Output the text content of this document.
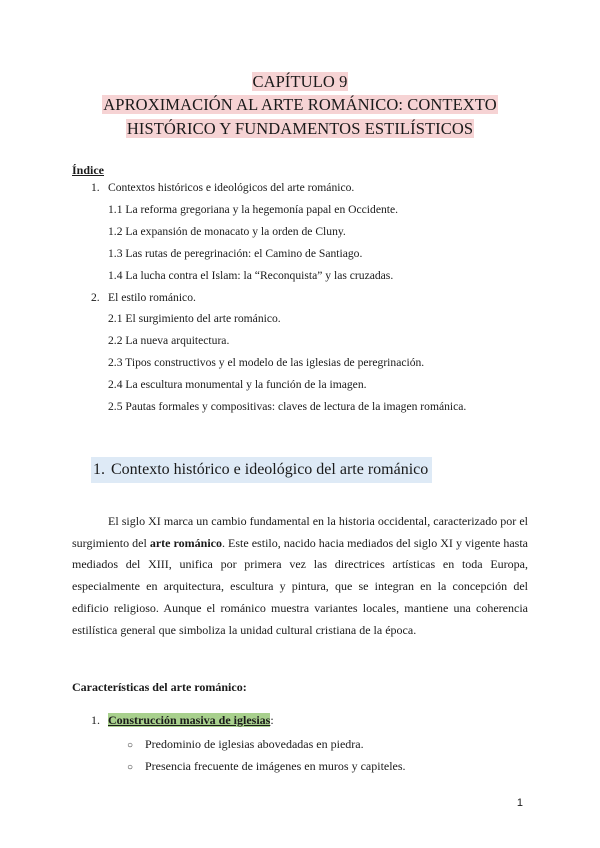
CAPÍTULO 9
APROXIMACIÓN AL ARTE ROMÁNICO: CONTEXTO
HISTÓRICO Y FUNDAMENTOS ESTILÍSTICOS
Índice
1. Contextos históricos e ideológicos del arte románico.
1.1 La reforma gregoriana y la hegemonía papal en Occidente.
1.2 La expansión de monacato y la orden de Cluny.
1.3 Las rutas de peregrinación: el Camino de Santiago.
1.4 La lucha contra el Islam: la “Reconquista” y las cruzadas.
2. El estilo románico.
2.1 El surgimiento del arte románico.
2.2 La nueva arquitectura.
2.3 Tipos constructivos y el modelo de las iglesias de peregrinación.
2.4 La escultura monumental y la función de la imagen.
2.5 Pautas formales y compositivas: claves de lectura de la imagen románica.
1. Contexto histórico e ideológico del arte románico

El siglo XI marca un cambio fundamental en la historia occidental, caracterizado por el surgimiento del arte románico. Este estilo, nacido hacia mediados del siglo XI y vigente hasta mediados del XIII, unifica por primera vez las directrices artísticas en toda Europa, especialmente en arquitectura, escultura y pintura, que se integran en la concepción del edificio religioso. Aunque el románico muestra variantes locales, mantiene una coherencia estilística general que simboliza la unidad cultural cristiana de la época.

Características del arte románico:
1. Construcción masiva de iglesias:
○ Predominio de iglesias abovedadas en piedra.
○ Presencia frecuente de imágenes en muros y capiteles.
1
